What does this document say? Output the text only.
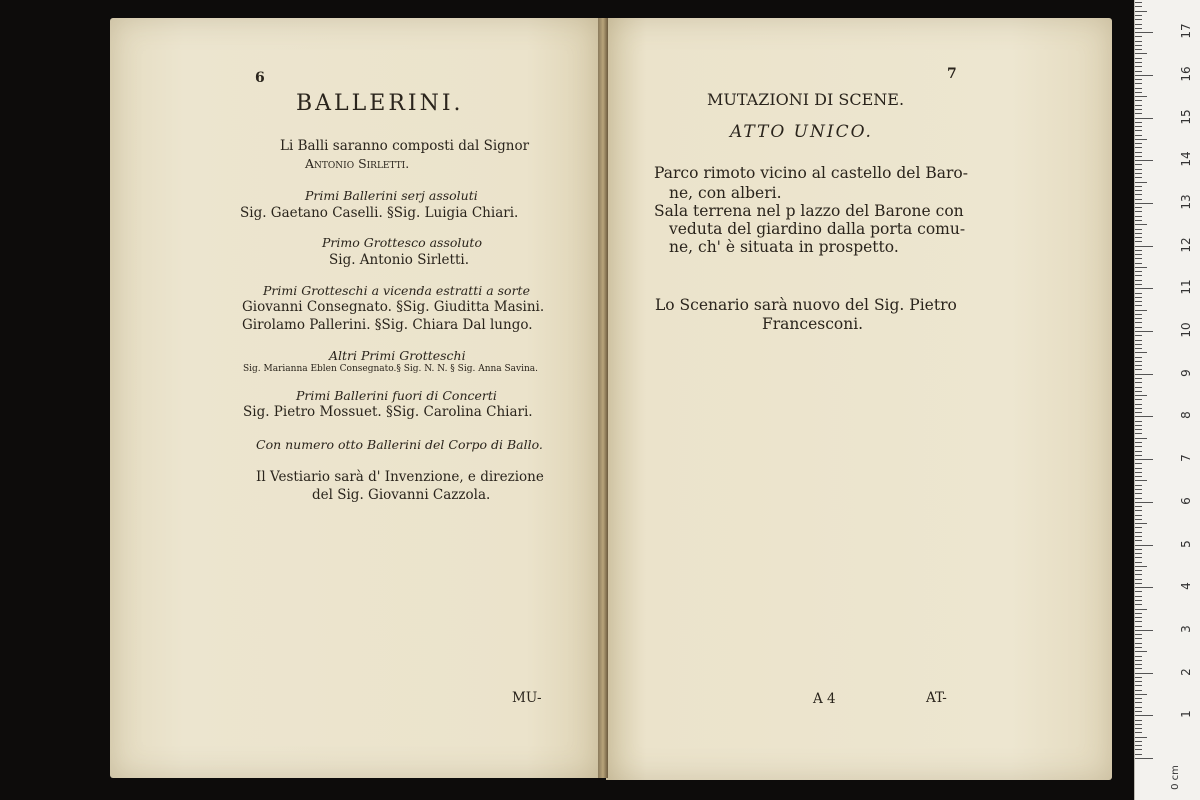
6
BALLERINI.
Li Balli saranno composti dal Signor
Antonio Sirletti.
Primi Ballerini serj assoluti
Sig. Gaetano Caselli. §Sig. Luigia Chiari.
Primo Grottesco assoluto
Sig. Antonio Sirletti.
Primi Grotteschi a vicenda estratti a sorte
Giovanni Consegnato. §Sig. Giuditta Masini.
Girolamo Pallerini. §Sig. Chiara Dal lungo.
Altri Primi Grotteschi
Sig. Marianna Eblen Consegnato.§ Sig. N. N. § Sig. Anna Savina.
Primi Ballerini fuori di Concerti
Sig. Pietro Mossuet. §Sig. Carolina Chiari.
Con numero otto Ballerini del Corpo di Ballo.
Il Vestiario sarà d' Invenzione, e direzione
del Sig. Giovanni Cazzola.
MU-
7
MUTAZIONI DI SCENE.
ATTO UNICO.
Parco rimoto vicino al castello del Baro-
ne, con alberi.
Sala terrena nel p lazzo del Barone con
veduta del giardino dalla porta comu-
ne, ch' è situata in prospetto.
Lo Scenario sarà nuovo del Sig. Pietro
Francesconi.
A 4	AT-
0 cm
1
2
3
4
5
6
7
8
9
10
11
12
13
14
15
16
17
